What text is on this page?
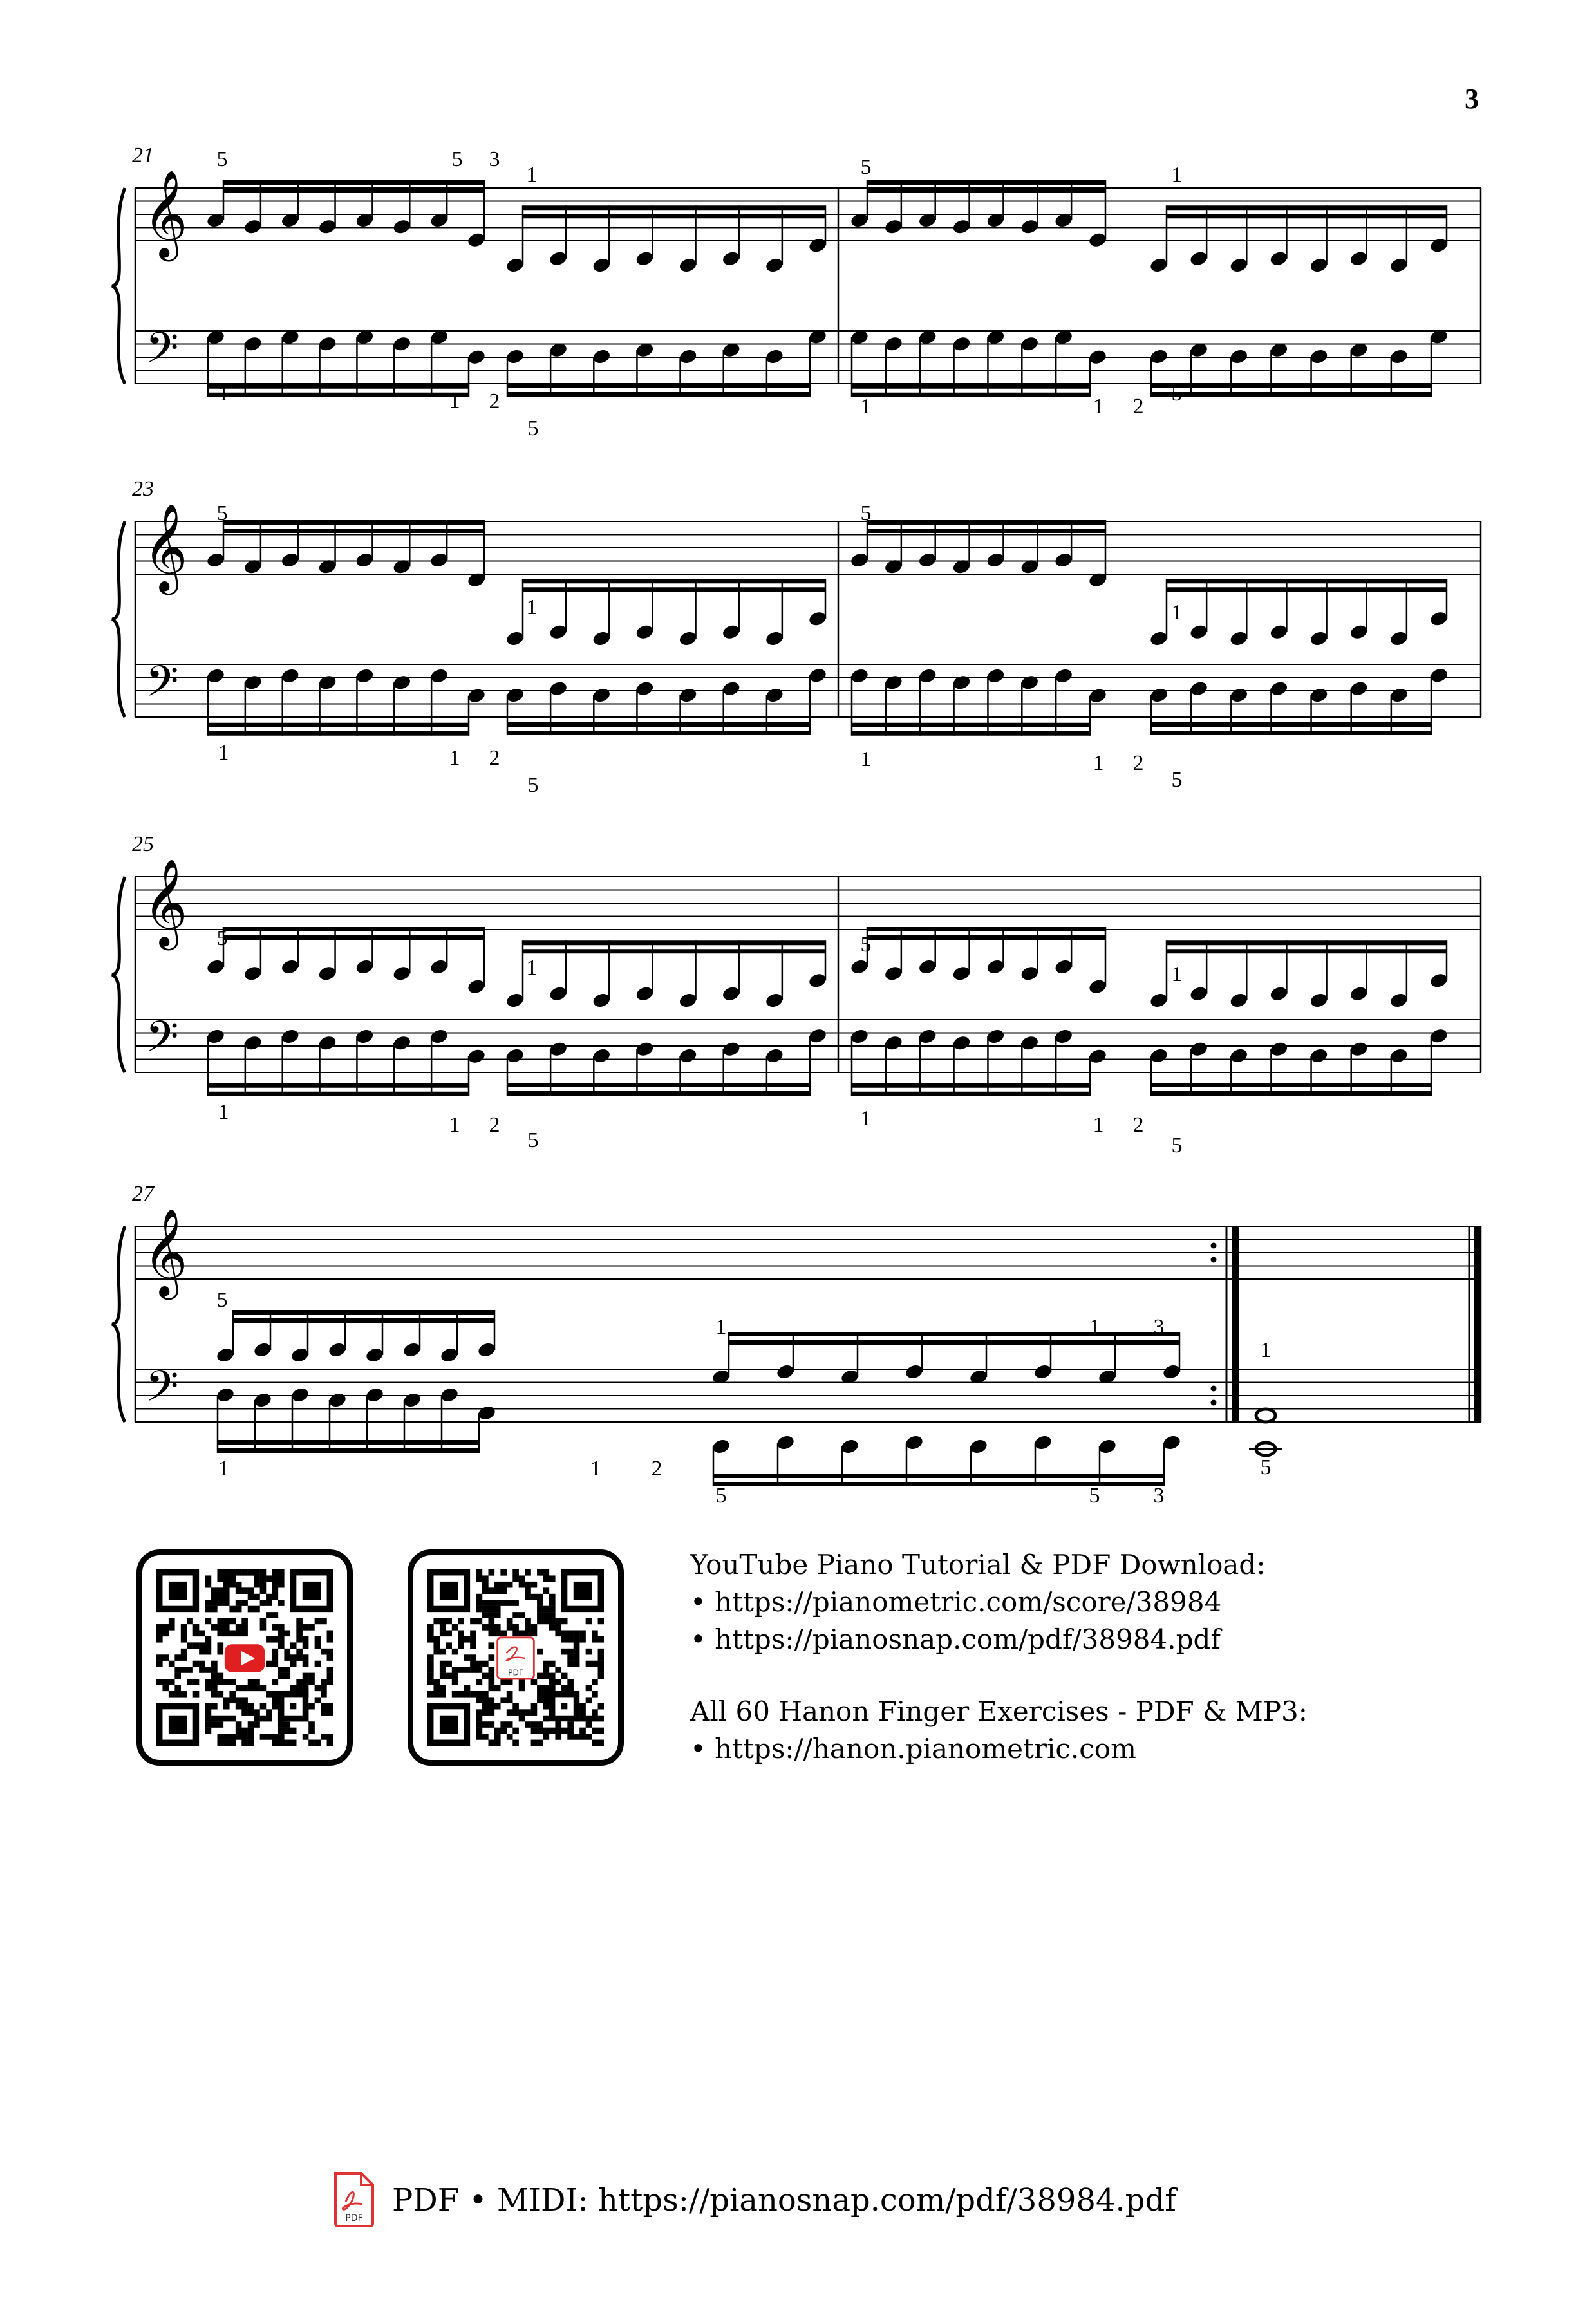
3
𝄞
𝄢
21	5	5 3
1	5	1
1	1 2
5
1	1 2
5
𝄞
𝄢
23
5	5
1	1
1	1 2
5
1	1 2
5
𝄞
𝄢
25
5	5
1	1
1
1 2
5
1	1 2
5
𝄞
𝄢
27
5
1	1 3
1
1	1 2
5	5 3
5
PDF
YouTube Piano Tutorial & PDF Download:
• https://pianometric.com/score/38984
• https://pianosnap.com/pdf/38984.pdf
All 60 Hanon Finger Exercises - PDF & MP3:
• https://hanon.pianometric.com
PDF PDF • MIDI: https://pianosnap.com/pdf/38984.pdf
